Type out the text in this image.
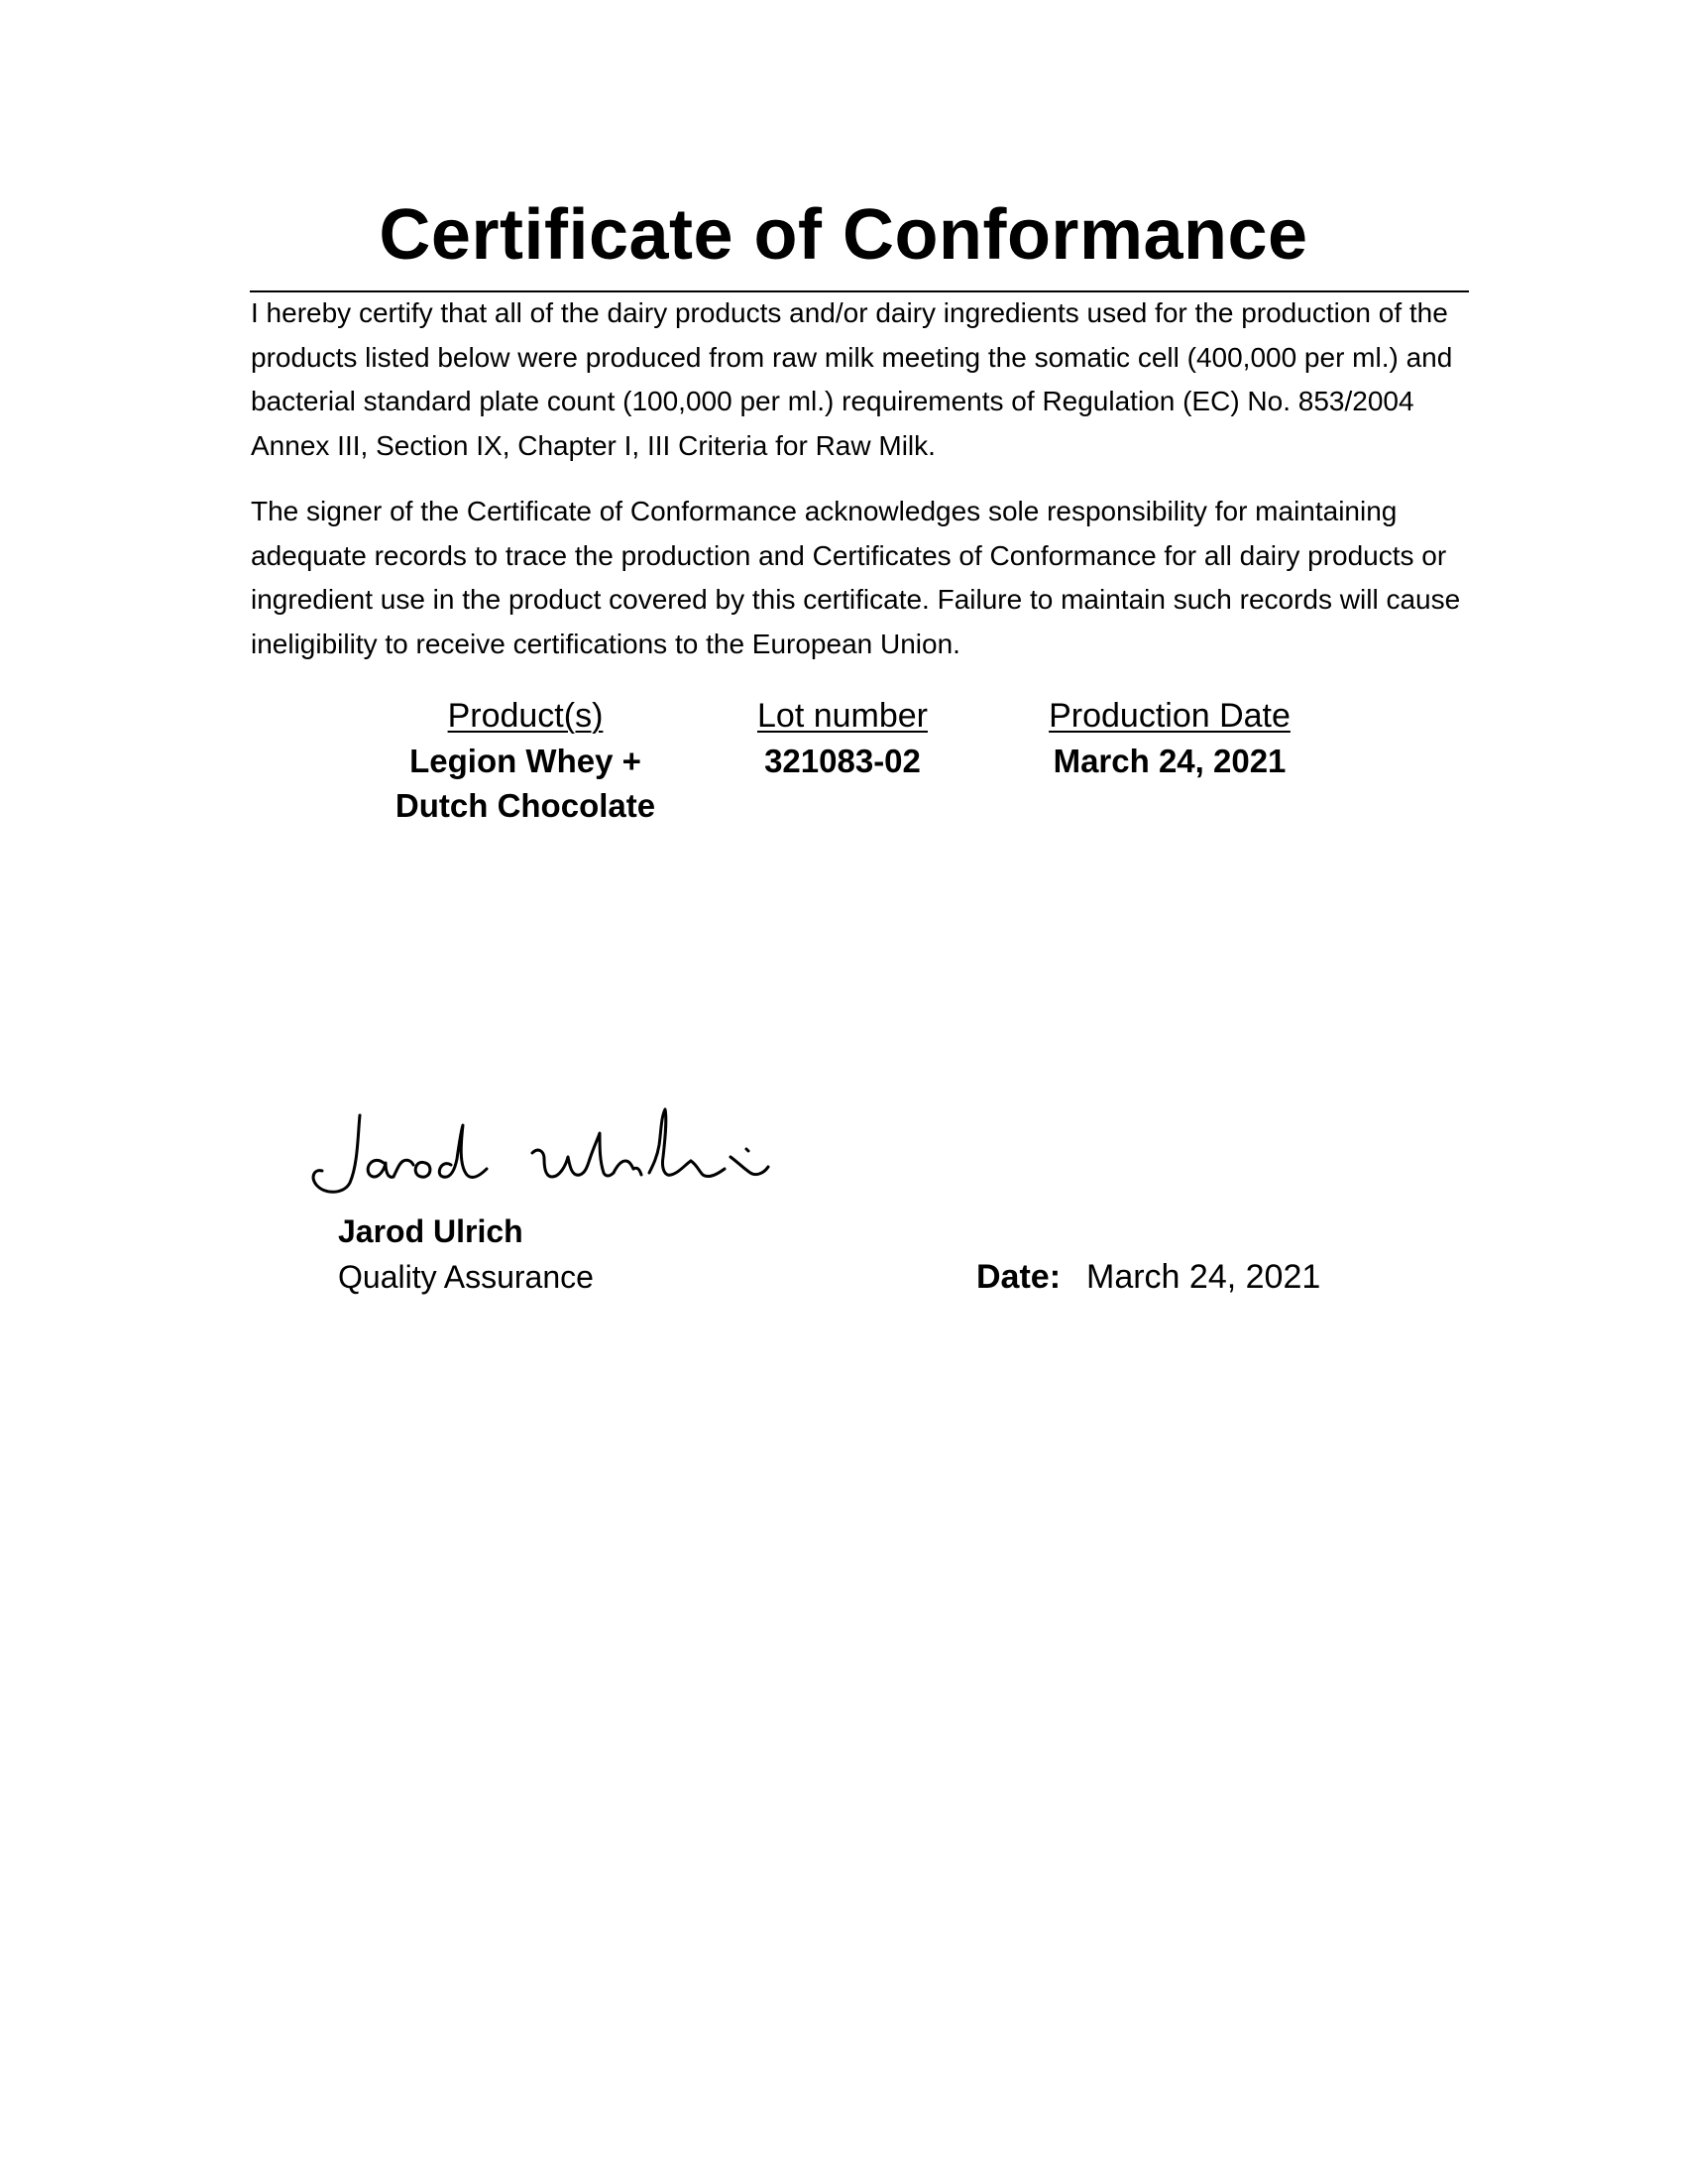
Certificate of Conformance

I hereby certify that all of the dairy products and/or dairy ingredients used for the production of the products listed below were produced from raw milk meeting the somatic cell (400,000 per ml.) and bacterial standard plate count (100,000 per ml.) requirements of Regulation (EC) No. 853/2004 Annex III, Section IX, Chapter I, III Criteria for Raw Milk.

The signer of the Certificate of Conformance acknowledges sole responsibility for maintaining adequate records to trace the production and Certificates of Conformance for all dairy products or ingredient use in the product covered by this certificate. Failure to maintain such records will cause ineligibility to receive certifications to the European Union.

Product(s)
Legion Whey +
Dutch Chocolate
Lot number
321083-02
Production Date
March 24, 2021

Jarod Ulrich

Quality Assurance	Date: March 24, 2021
